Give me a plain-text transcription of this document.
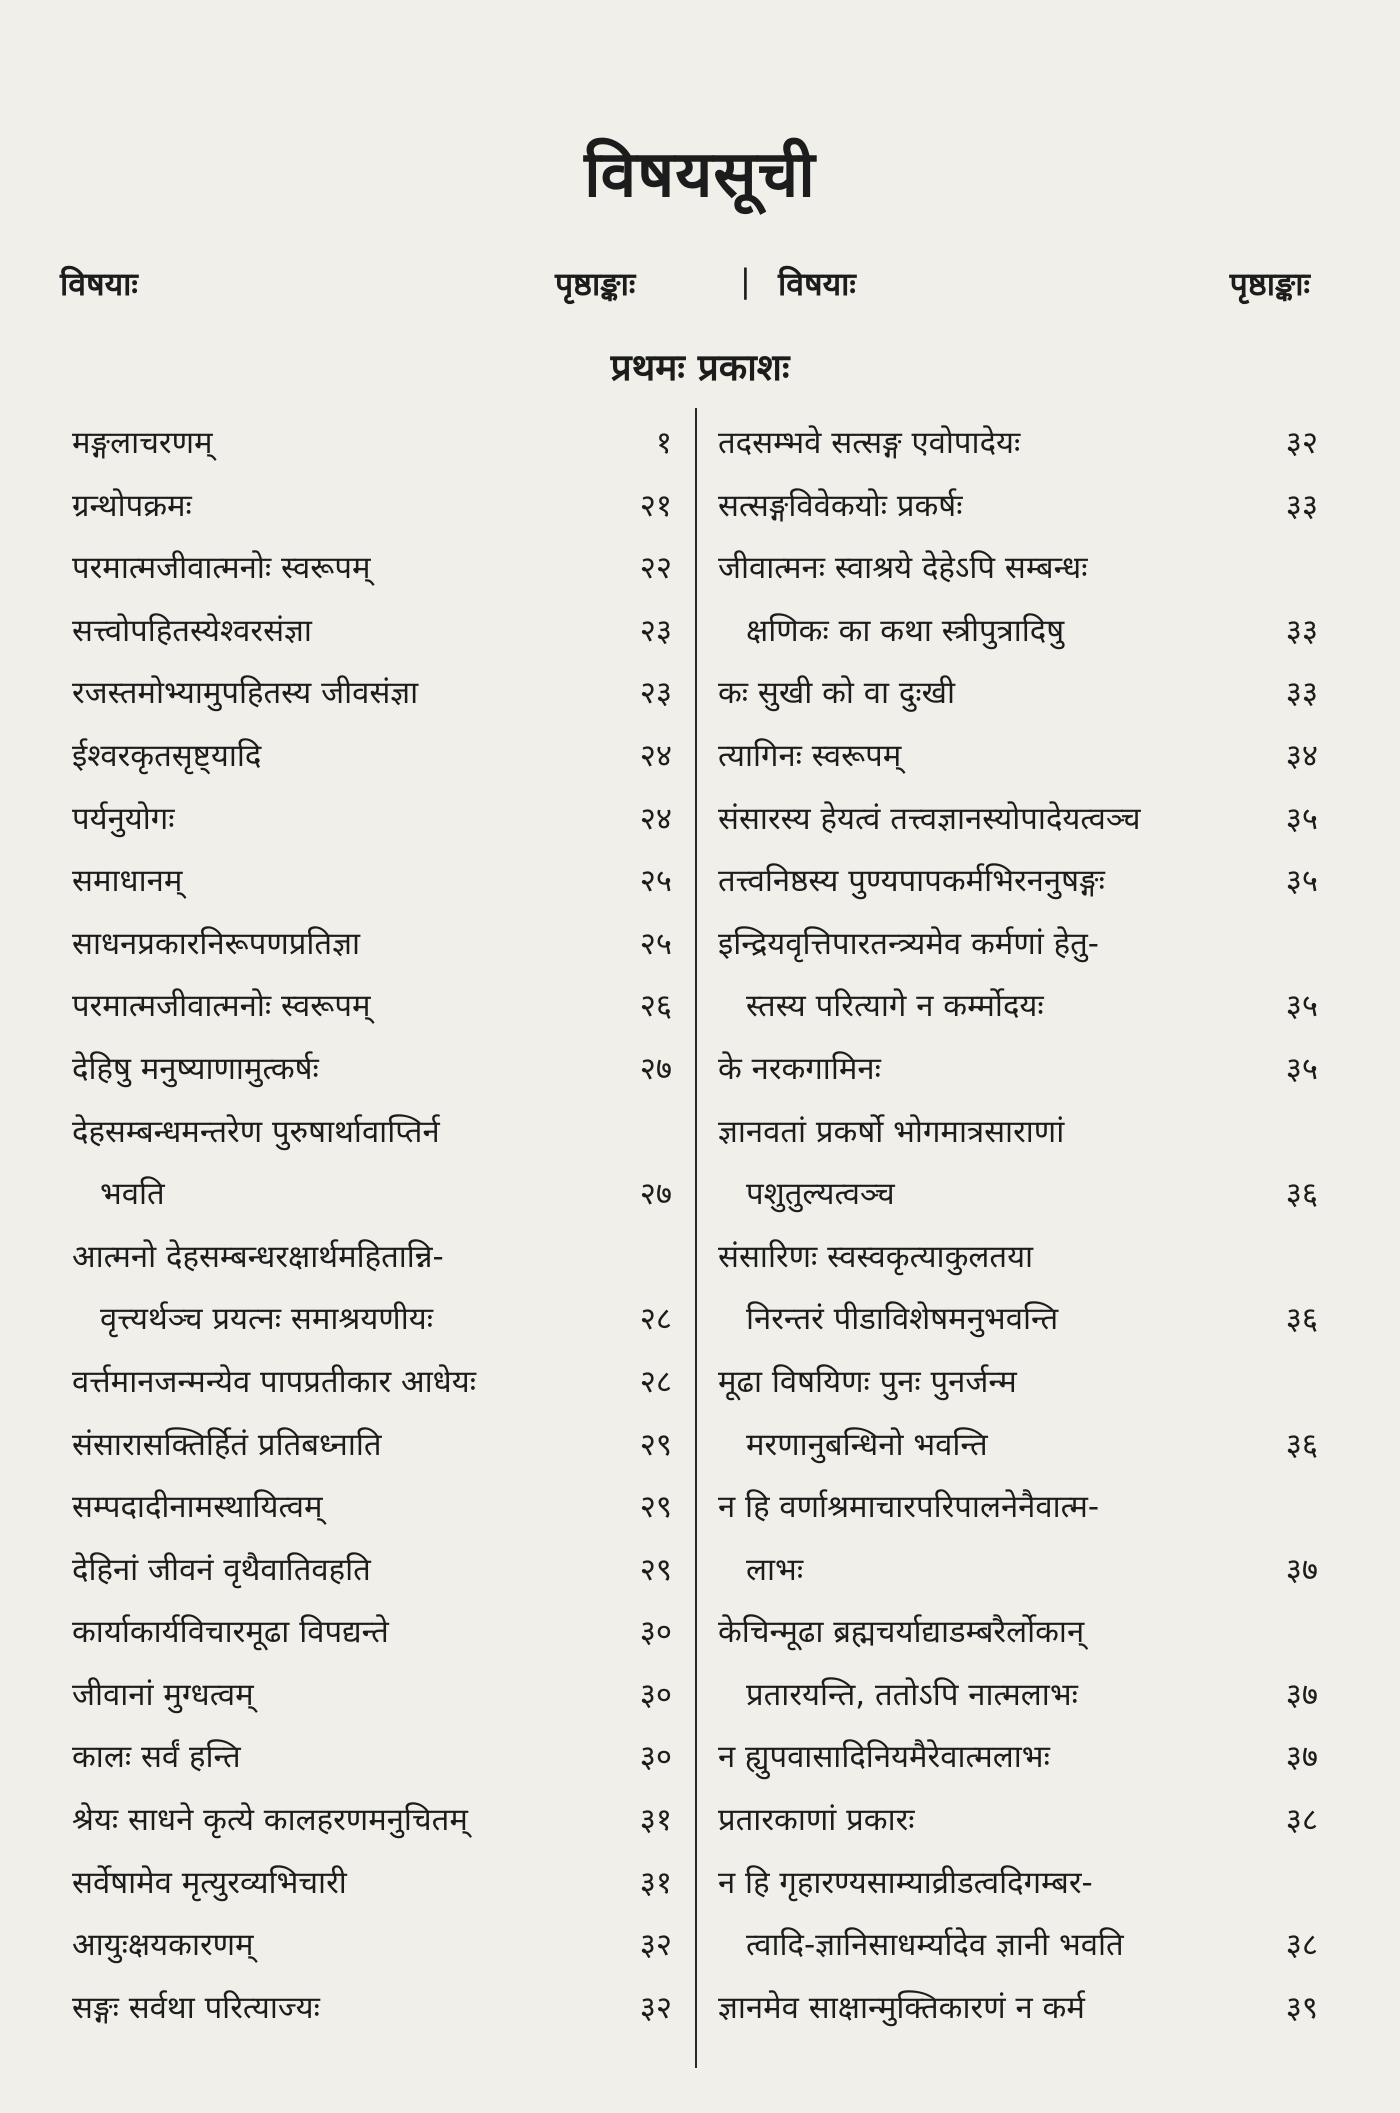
विषयसूची
विषयाः	पृष्ठाङ्काः	| विषयाः	पृष्ठाङ्काः
प्रथमः प्रकाशः
मङ्गलाचरणम्	१
ग्रन्थोपक्रमः	२१
परमात्मजीवात्मनोः स्वरूपम्	२२
सत्त्वोपहितस्येश्वरसंज्ञा	२३
रजस्तमोभ्यामुपहितस्य जीवसंज्ञा	२३
ईश्वरकृतसृष्ट्यादि	२४
पर्यनुयोगः	२४
समाधानम्	२५
साधनप्रकारनिरूपणप्रतिज्ञा	२५
परमात्मजीवात्मनोः स्वरूपम्	२६
देहिषु मनुष्याणामुत्कर्षः	२७
देहसम्बन्धमन्तरेण पुरुषार्थावाप्तिर्न
भवति	२७
आत्मनो देहसम्बन्धरक्षार्थमहितान्नि-
वृत्त्यर्थञ्च प्रयत्नः समाश्रयणीयः	२८
वर्त्तमानजन्मन्येव पापप्रतीकार आधेयः	२८
संसारासक्तिर्हितं प्रतिबध्नाति	२९
सम्पदादीनामस्थायित्वम्	२९
देहिनां जीवनं वृथैवातिवहति	२९
कार्याकार्यविचारमूढा विपद्यन्ते	३०
जीवानां मुग्धत्वम्	३०
कालः सर्वं हन्ति	३०
श्रेयः साधने कृत्ये कालहरणमनुचितम्	३१
सर्वेषामेव मृत्युरव्यभिचारी	३१
आयुःक्षयकारणम्	३२
सङ्गः सर्वथा परित्याज्यः	३२
तदसम्भवे सत्सङ्ग एवोपादेयः	३२
सत्सङ्गविवेकयोः प्रकर्षः	३३
जीवात्मनः स्वाश्रये देहेऽपि सम्बन्धः
क्षणिकः का कथा स्त्रीपुत्रादिषु	३३
कः सुखी को वा दुःखी	३३
त्यागिनः स्वरूपम्	३४
संसारस्य हेयत्वं तत्त्वज्ञानस्योपादेयत्वञ्च	३५
तत्त्वनिष्ठस्य पुण्यपापकर्मभिरननुषङ्गः	३५
इन्द्रियवृत्तिपारतन्त्र्यमेव कर्मणां हेतु-
स्तस्य परित्यागे न कर्म्मोदयः	३५
के नरकगामिनः	३५
ज्ञानवतां प्रकर्षो भोगमात्रसाराणां
पशुतुल्यत्वञ्च	३६
संसारिणः स्वस्वकृत्याकुलतया
निरन्तरं पीडाविशेषमनुभवन्ति	३६
मूढा विषयिणः पुनः पुनर्जन्म
मरणानुबन्धिनो भवन्ति	३६
न हि वर्णाश्रमाचारपरिपालनेनैवात्म-
लाभः	३७
केचिन्मूढा ब्रह्मचर्याद्याडम्बरैर्लोकान्
प्रतारयन्ति, ततोऽपि नात्मलाभः	३७
न ह्युपवासादिनियमैरेवात्मलाभः	३७
प्रतारकाणां प्रकारः	३८
न हि गृहारण्यसाम्याव्रीडत्वदिगम्बर-
त्वादि-ज्ञानिसाधर्म्यादेव ज्ञानी भवति	३८
ज्ञानमेव साक्षान्मुक्तिकारणं न कर्म	३९
